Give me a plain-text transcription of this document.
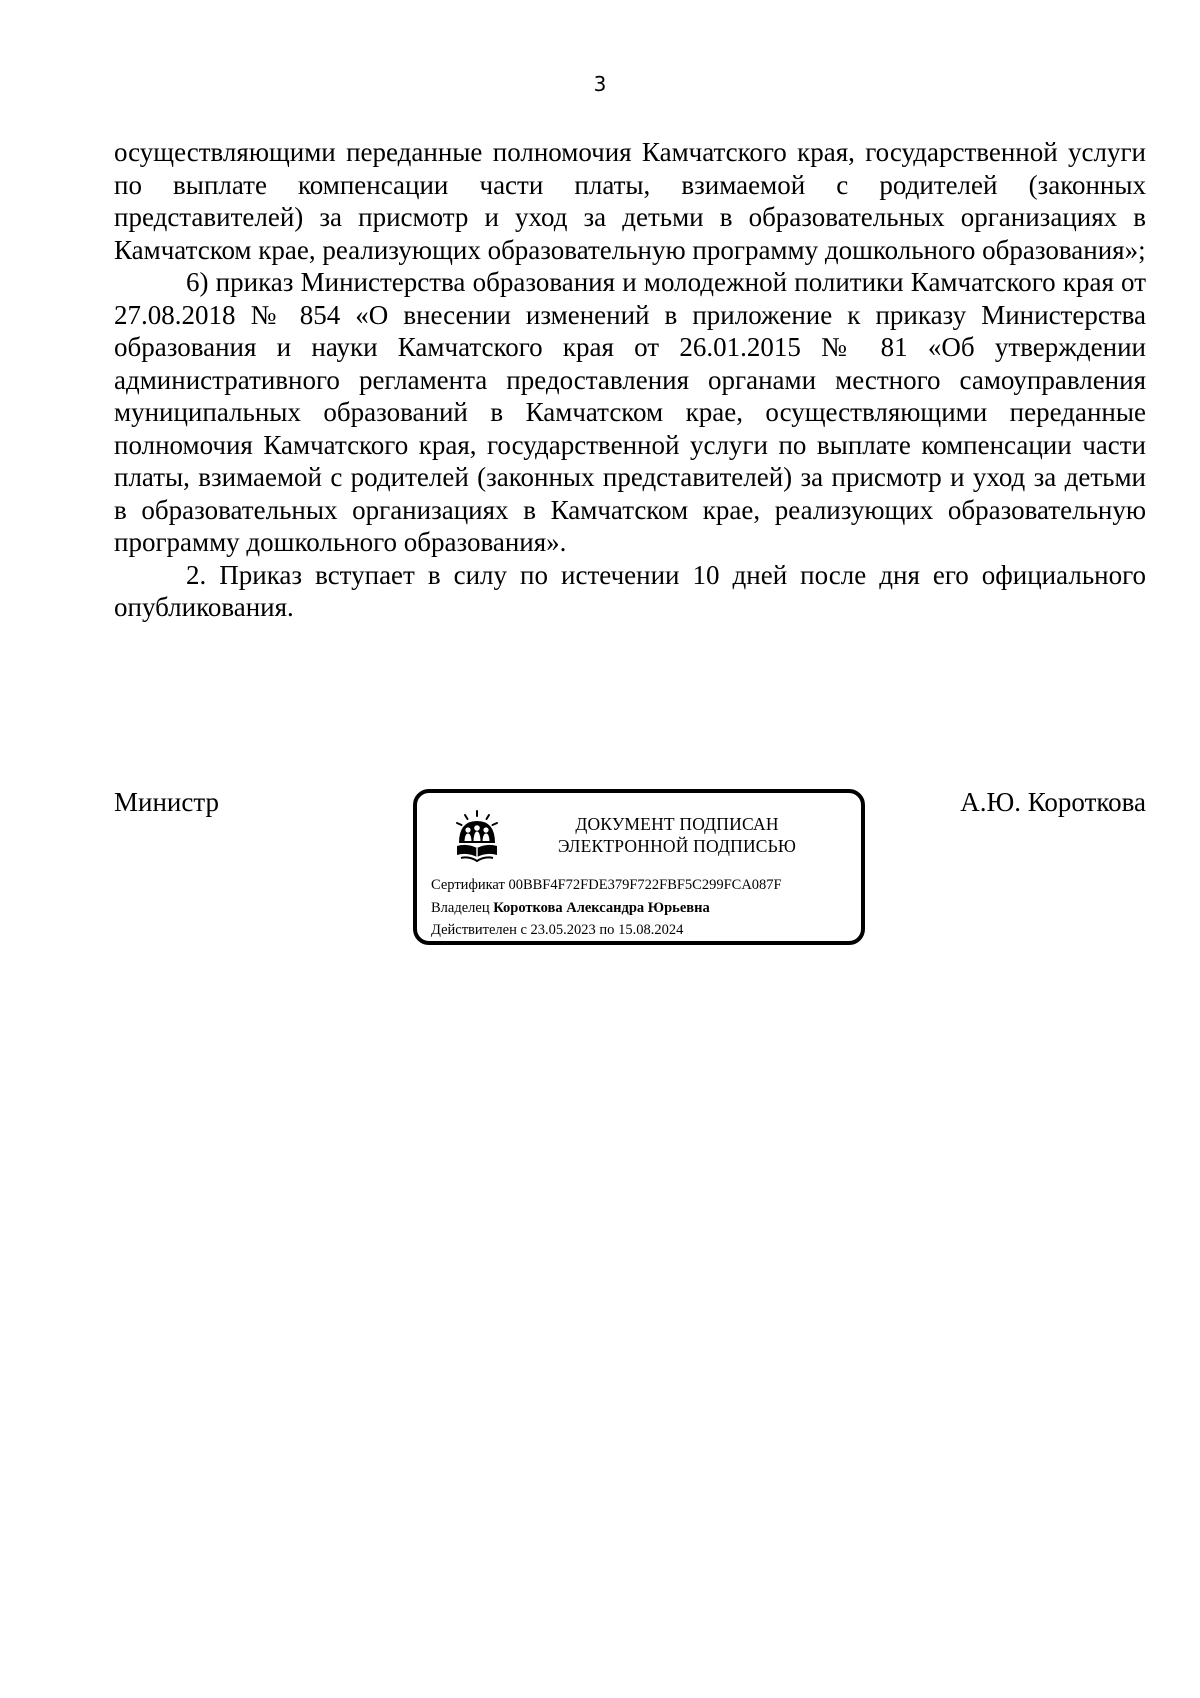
3

осуществляющими переданные полномочия Камчатского края, государственной услуги по выплате компенсации части платы, взимаемой с родителей (законных представителей) за присмотр и уход за детьми в образовательных организациях в Камчатском крае, реализующих образовательную программу дошкольного образования»;

6) приказ Министерства образования и молодежной политики Камчатского края от 27.08.2018 № 854 «О внесении изменений в приложение к приказу Министерства образования и науки Камчатского края от 26.01.2015 № 81 «Об утверждении административного регламента предоставления органами местного самоуправления муниципальных образований в Камчатском крае, осуществляющими переданные полномочия Камчатского края, государственной услуги по выплате компенсации части платы, взимаемой с родителей (законных представителей) за присмотр и уход за детьми в образовательных организациях в Камчатском крае, реализующих образовательную программу дошкольного образования».

2. Приказ вступает в силу по истечении 10 дней после дня его официального опубликования.

Министр
ДОКУМЕНТ ПОДПИСАН
ЭЛЕКТРОННОЙ ПОДПИСЬЮ
Сертификат 00BBF4F72FDE379F722FBF5C299FCA087F
Владелец Короткова Александра Юрьевна
Действителен с 23.05.2023 по 15.08.2024
А.Ю. Короткова
